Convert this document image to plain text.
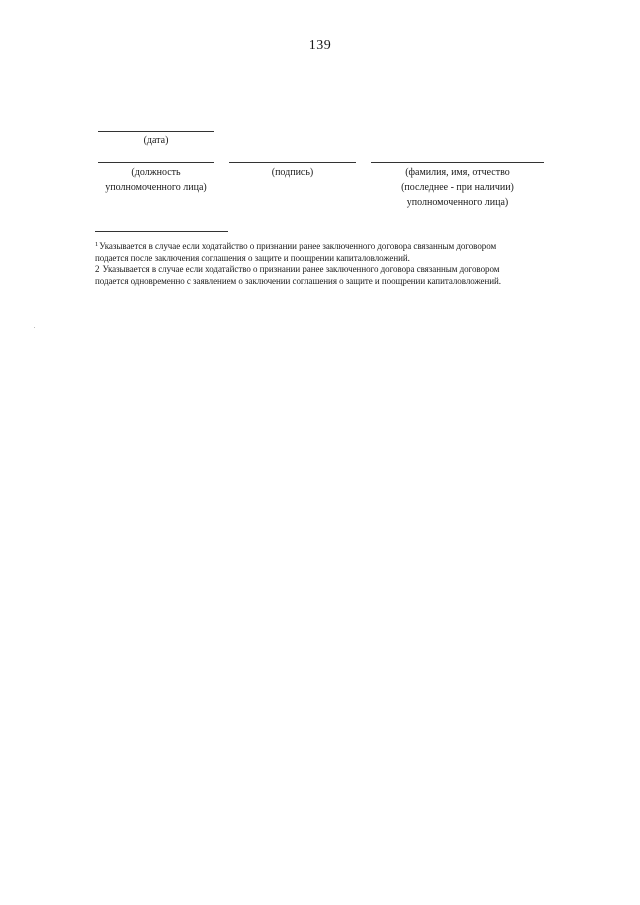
139
(дата)
(должность
уполномоченного лица)
(подпись)	(фамилия, имя, отчество
(последнее - при наличии)
уполномоченного лица)

$^1$Указывается в случае если ходатайство о признании ранее заключенного договора связанным договором

подается после заключения соглашения о защите и поощрении капиталовложений.

2 Указывается в случае если ходатайство о признании ранее заключенного договора связанным договором

подается одновременно с заявлением о заключении соглашения о защите и поощрении капиталовложений.
